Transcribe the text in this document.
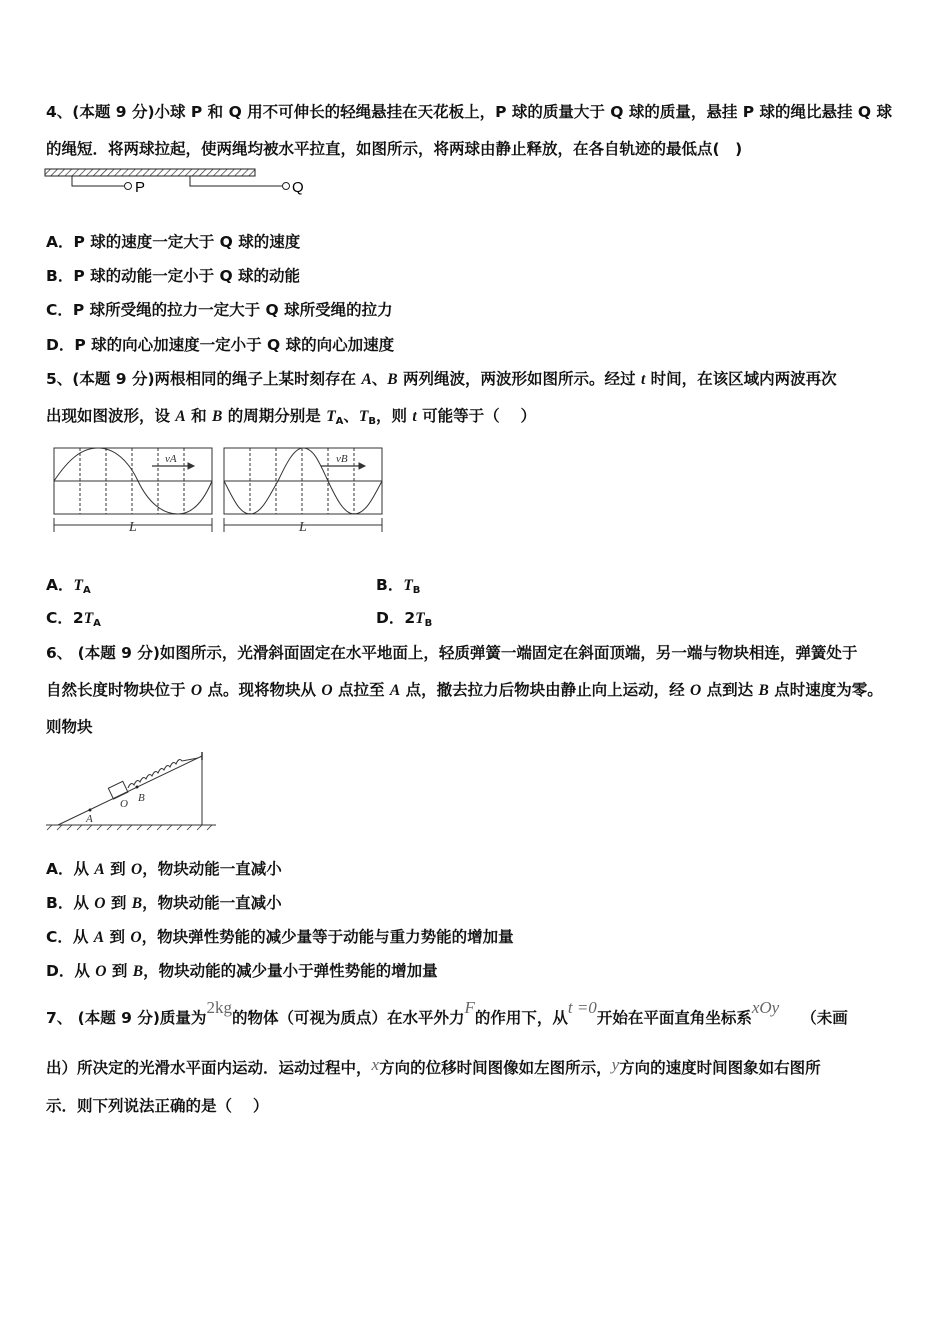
4、(本题 9 分)小球 P 和 Q 用不可伸长的轻绳悬挂在天花板上，P 球的质量大于 Q 球的质量，悬挂 P 球的绳比悬挂 Q 球
的绳短．将两球拉起，使两绳均被水平拉直，如图所示，将两球由静止释放，在各自轨迹的最低点(　)
P	Q
A．P 球的速度一定大于 Q 球的速度
B．P 球的动能一定小于 Q 球的动能
C．P 球所受绳的拉力一定大于 Q 球所受绳的拉力
D．P 球的向心加速度一定小于 Q 球的向心加速度
5、(本题 9 分)两根相同的绳子上某时刻存在 A、B 两列绳波，两波形如图所示。经过 t 时间，在该区域内两波再次
出现如图波形，设 A 和 B 的周期分别是 $T_A$、$T_B$，则 t 可能等于（　 ）
vA
L
vB
L
A．$T_A$	B．$T_B$
C．$2T_A$	D．$2T_B$
6、 (本题 9 分)如图所示，光滑斜面固定在水平地面上，轻质弹簧一端固定在斜面顶端，另一端与物块相连，弹簧处于
自然长度时物块位于 O 点。现将物块从 O 点拉至 A 点，撤去拉力后物块由静止向上运动，经 O 点到达 B 点时速度为零。
则物块
O B
A
A．从 A 到 O，物块动能一直减小
B．从 O 到 B，物块动能一直减小
C．从 A 到 O，物块弹性势能的减少量等于动能与重力势能的增加量
D．从 O 到 B，物块动能的减少量小于弹性势能的增加量
7、 (本题 9 分)质量为2kg的物体（可视为质点）在水平外力F的作用下，从t =0开始在平面直角坐标系xOy（未画
出）所决定的光滑水平面内运动．运动过程中，x方向的位移时间图像如左图所示，y方向的速度时间图象如右图所
示．则下列说法正确的是（　 ）
